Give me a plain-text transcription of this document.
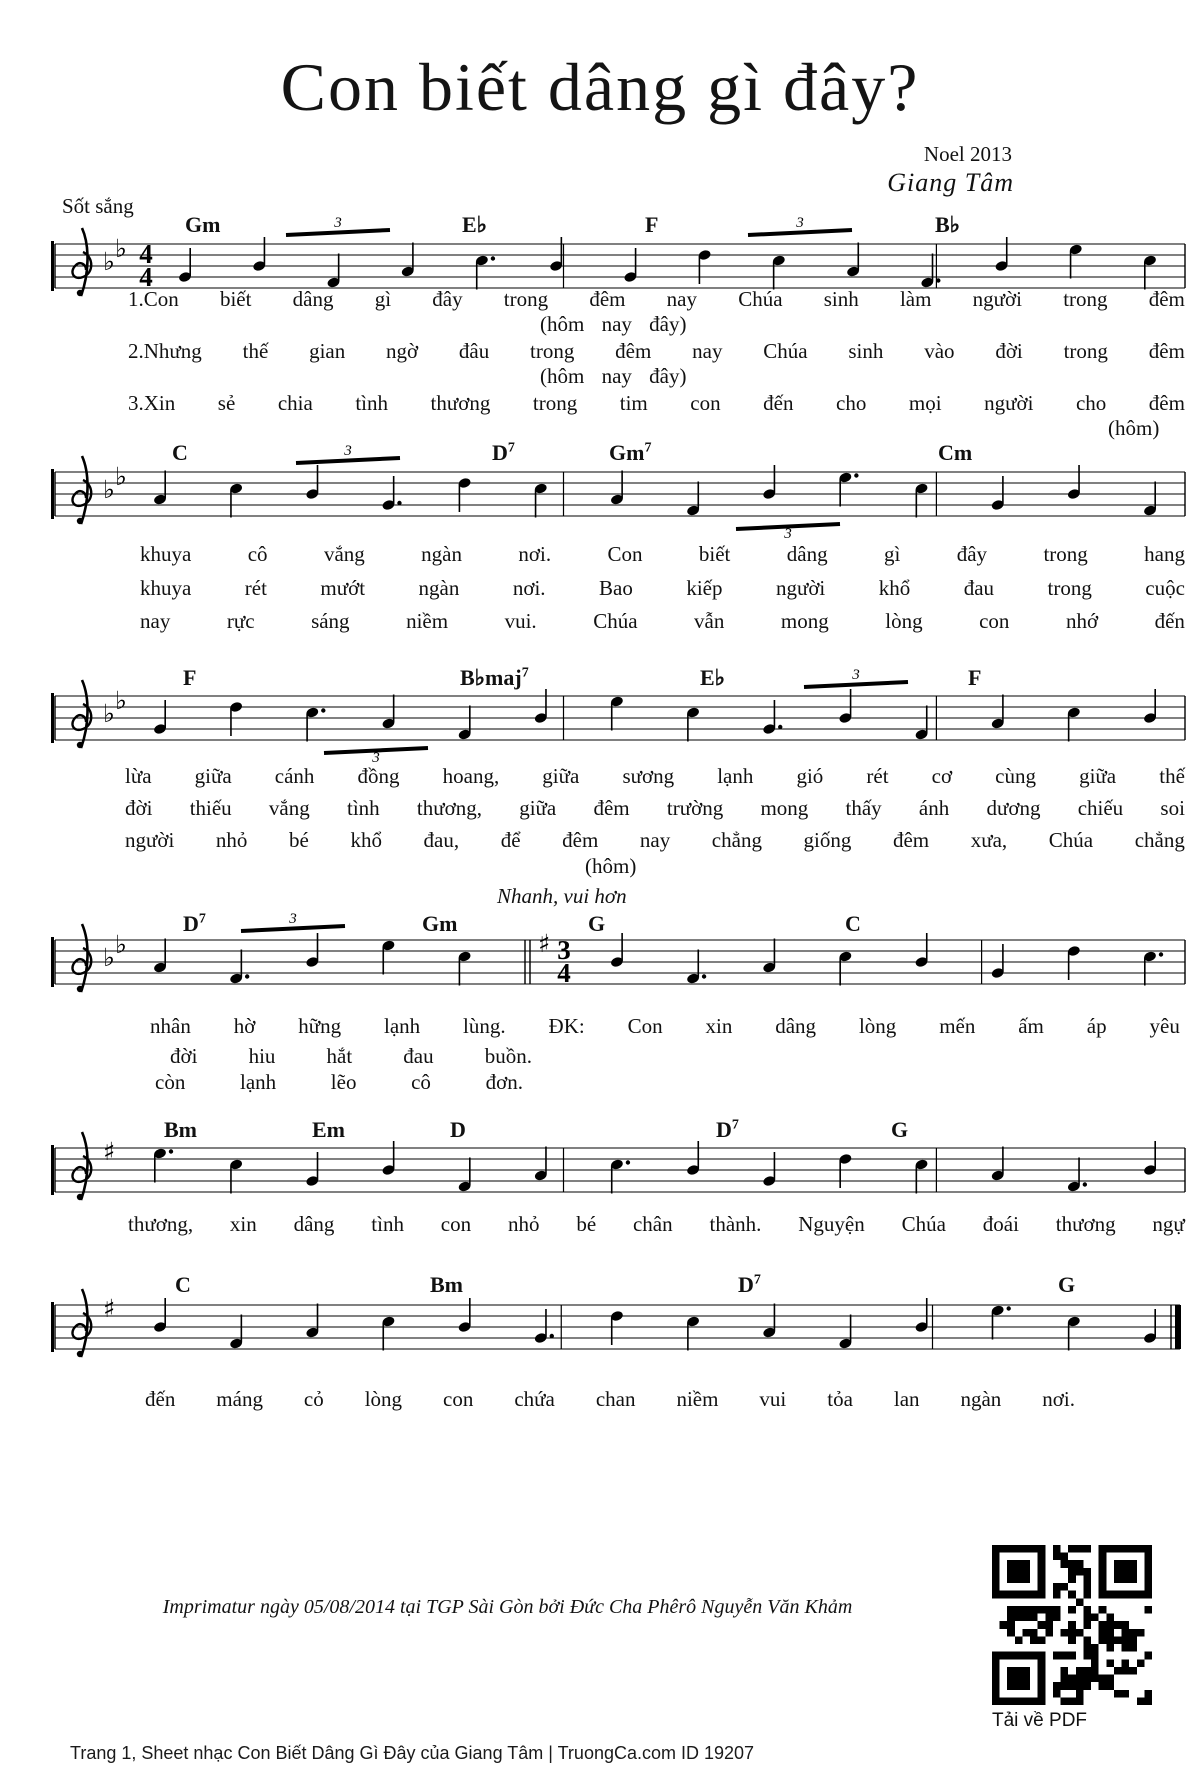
Con biết dâng gì đây?
Noel 2013
Giang Tâm
Sốt sắng
Gm	E♭	F	B♭
♭ ♭ 4
4
3	3
1.Con biết dâng gì đây trong đêm nay Chúa sinh làm người trong đêm
(hôm nay đây)
2.Nhưng thế gian ngờ đâu trong đêm nay Chúa sinh vào đời trong đêm
(hôm nay đây)
3.Xin sẻ chia tình thương trong tim con đến cho mọi người cho đêm
(hôm)
C	$D^7$	Gm$^7$	Cm
♭ ♭
3
3
khuya	cô	vắng	ngàn	nơi.	Con	biết	dâng	gì	đây	trong	hang
khuya	rét	mướt	ngàn	nơi.	Bao	kiếp	người	khổ	đau	trong	cuộc
nay	rực	sáng	niềm	vui.	Chúa	vẫn	mong	lòng	con	nhớ	đến
F	B♭maj$^7$	E♭	F
♭ ♭
3
3
lừa giữa cánh đồng hoang, giữa sương lạnh gió rét cơ cùng giữa thế
đời thiếu vắng tình thương, giữa đêm trường mong thấy ánh dương chiếu soi
người nhỏ bé khổ đau, để đêm nay chẳng giống đêm xưa, Chúa chẳng
(hôm)
$D^7$	Gm	G	C
Nhanh, vui hơn
♭ ♭	♯ 3
4
3
nhân hờ hững lạnh lùng. ĐK: Con xin dâng lòng mến ấm áp yêu
đời hiu hắt đau buồn.
còn	lạnh	lẽo	cô	đơn.
Bm	Em	D	$D^7$	G
♯
thương, xin dâng tình con nhỏ bé chân thành. Nguyện Chúa đoái thương ngự
C	Bm	$D^7$	G
♯
đến máng cỏ lòng con chứa chan niềm vui tỏa lan ngàn nơi.
Imprimatur ngày 05/08/2014 tại TGP Sài Gòn bởi Đức Cha Phêrô Nguyễn Văn Khảm
Tải về PDF
Trang 1, Sheet nhạc Con Biết Dâng Gì Đây của Giang Tâm | TruongCa.com ID 19207
